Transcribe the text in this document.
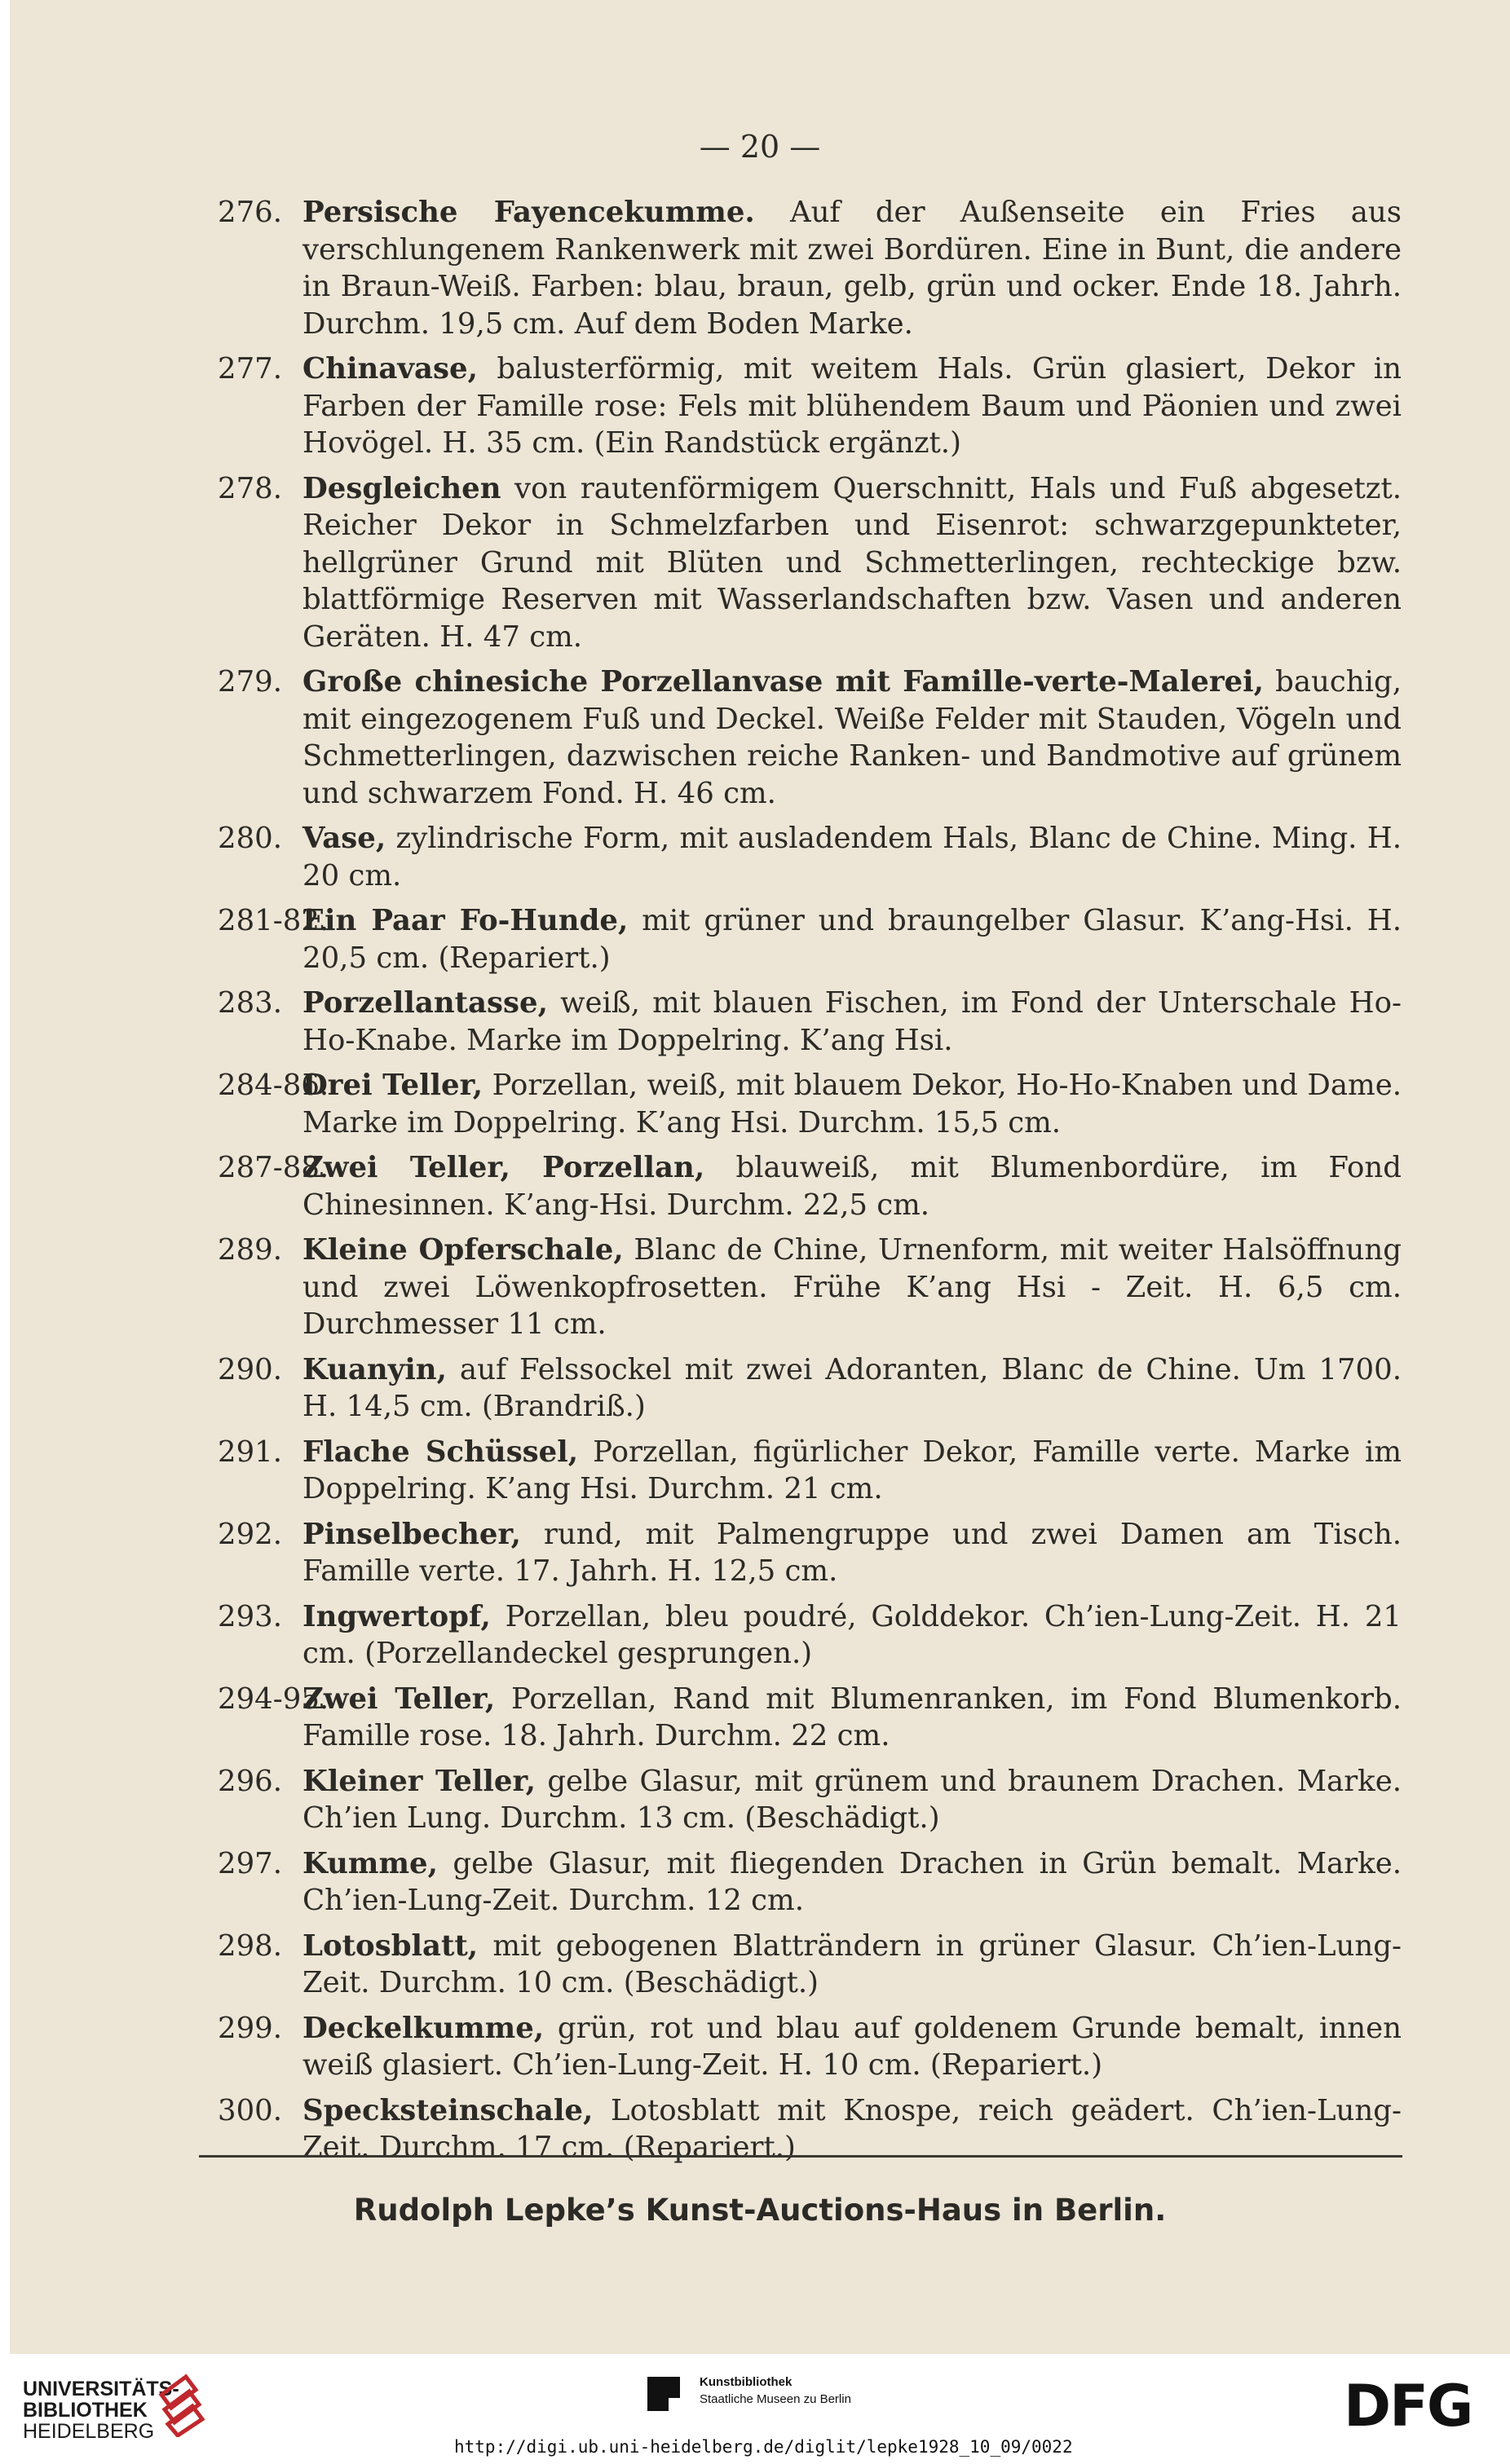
— 20 —
276. Persische Fayencekumme. Auf der Außenseite ein Fries aus verschlungenem Rankenwerk mit zwei Bordüren. Eine in Bunt, die andere in Braun-Weiß. Farben: blau, braun, gelb, grün und ocker. Ende 18. Jahrh. Durchm. 19,5 cm. Auf dem Boden Marke.
277. Chinavase, balusterförmig, mit weitem Hals. Grün glasiert, Dekor in Farben der Famille rose: Fels mit blühendem Baum und Päonien und zwei Hovögel. H. 35 cm. (Ein Randstück ergänzt.)
278. Desgleichen von rautenförmigem Querschnitt, Hals und Fuß abgesetzt. Reicher Dekor in Schmelzfarben und Eisenrot: schwarzgepunkteter, hellgrüner Grund mit Blüten und Schmetterlingen, rechteckige bzw. blattförmige Reserven mit Wasserlandschaften bzw. Vasen und anderen Geräten. H. 47 cm.
279. Große chinesiche Porzellanvase mit Famille-verte-Malerei, bauchig, mit eingezogenem Fuß und Deckel. Weiße Felder mit Stauden, Vögeln und Schmetterlingen, dazwischen reiche Ranken- und Bandmotive auf grünem und schwarzem Fond. H. 46 cm.
280. Vase, zylindrische Form, mit ausladendem Hals, Blanc de Chine. Ming. H. 20 cm.
281-82.
Ein Paar Fo-Hunde, mit grüner und braungelber Glasur. K’ang-Hsi. H. 20,5 cm. (Repariert.)
283. Porzellantasse, weiß, mit blauen Fischen, im Fond der Unterschale Ho-Ho-Knabe. Marke im Doppelring. K’ang Hsi.
284-86.
Drei Teller, Porzellan, weiß, mit blauem Dekor, Ho-Ho-Knaben und Dame. Marke im Doppelring. K’ang Hsi. Durchm. 15,5 cm.
287-88.
Zwei Teller, Porzellan, blauweiß, mit Blumenbordüre, im Fond Chinesinnen. K’ang-Hsi. Durchm. 22,5 cm.
289. Kleine Opferschale, Blanc de Chine, Urnenform, mit weiter Halsöffnung und zwei Löwenkopfrosetten. Frühe K’ang Hsi - Zeit. H. 6,5 cm. Durchmesser 11 cm.
290. Kuanyin, auf Felssockel mit zwei Adoranten, Blanc de Chine. Um 1700. H. 14,5 cm. (Brandriß.)
291. Flache Schüssel, Porzellan, figürlicher Dekor, Famille verte. Marke im Doppelring. K’ang Hsi. Durchm. 21 cm.
292. Pinselbecher, rund, mit Palmengruppe und zwei Damen am Tisch. Famille verte. 17. Jahrh. H. 12,5 cm.
293. Ingwertopf, Porzellan, bleu poudré, Golddekor. Ch’ien-Lung-Zeit. H. 21 cm. (Porzellandeckel gesprungen.)
294-95.
Zwei Teller, Porzellan, Rand mit Blumenranken, im Fond Blumenkorb. Famille rose. 18. Jahrh. Durchm. 22 cm.
296. Kleiner Teller, gelbe Glasur, mit grünem und braunem Drachen. Marke. Ch’ien Lung. Durchm. 13 cm. (Beschädigt.)
297. Kumme, gelbe Glasur, mit fliegenden Drachen in Grün bemalt. Marke. Ch’ien-Lung-Zeit. Durchm. 12 cm.
298. Lotosblatt, mit gebogenen Blatträndern in grüner Glasur. Ch’ien-Lung-Zeit. Durchm. 10 cm. (Beschädigt.)
299. Deckelkumme, grün, rot und blau auf goldenem Grunde bemalt, innen weiß glasiert. Ch’ien-Lung-Zeit. H. 10 cm. (Repariert.)
300. Specksteinschale, Lotosblatt mit Knospe, reich geädert. Ch’ien-Lung-Zeit. Durchm. 17 cm. (Repariert.)
Rudolph Lepke’s Kunst-Auctions-Haus in Berlin.
UNIVERSITÄTS-
BIBLIOTHEK
HEIDELBERG
Kunstbibliothek
Staatliche Museen zu Berlin	DFG
http://digi.ub.uni-heidelberg.de/diglit/lepke1928_10_09/0022
